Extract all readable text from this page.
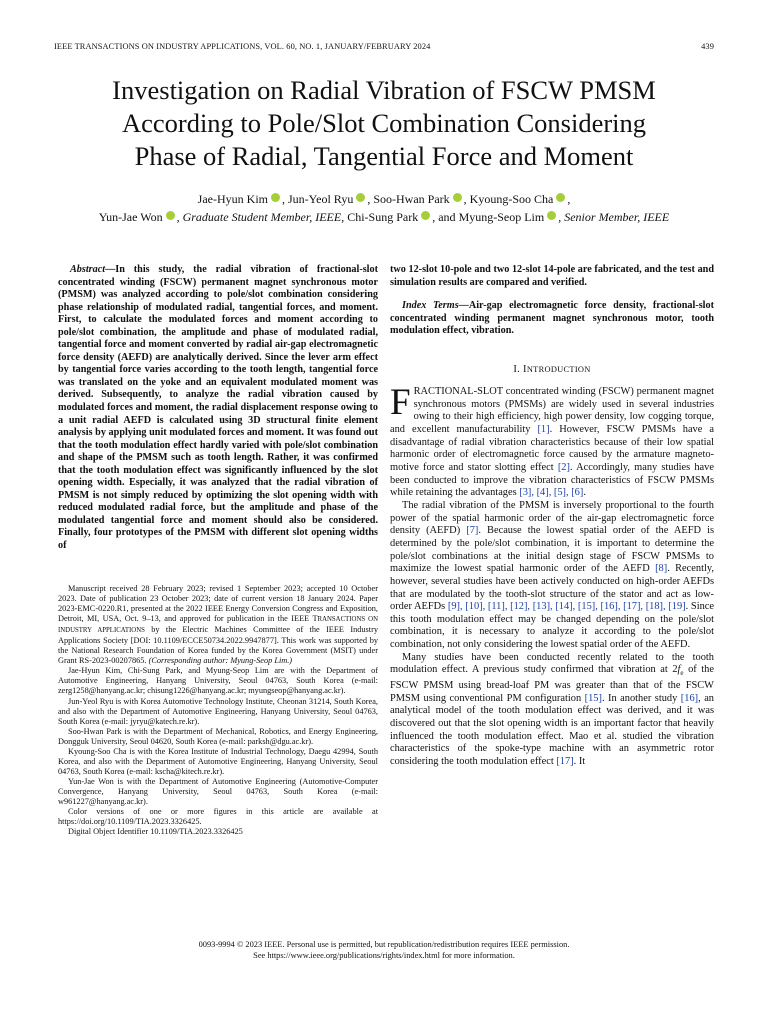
IEEE TRANSACTIONS ON INDUSTRY APPLICATIONS, VOL. 60, NO. 1, JANUARY/FEBRUARY 2024	439
Investigation on Radial Vibration of FSCW PMSM
According to Pole/Slot Combination Considering
Phase of Radial, Tangential Force and Moment
Jae-Hyun Kim , Jun-Yeol Ryu , Soo-Hwan Park , Kyoung-Soo Cha ,
Yun-Jae Won , Graduate Student Member, IEEE, Chi-Sung Park , and Myung-Seop Lim , Senior Member, IEEE
Abstract—In this study, the radial vibration of fractional-slot concentrated winding (FSCW) permanent magnet synchronous motor (PMSM) was analyzed according to pole/slot combination considering phase relationship of modulated radial, tangential forces, and moment. First, to calculate the modulated forces and moment according to pole/slot combination, the amplitude and phase of modulated radial, tangential force and moment converted by radial air-gap electromagnetic force density (AEFD) are analytically derived. Since the lever arm effect by tangential force varies according to the tooth length, tangential force was translated on the yoke and an equivalent modulated moment was derived. Subsequently, to analyze the radial vibration caused by modulated forces and moment, the radial displacement response owing to a unit radial AEFD is calculated using 3D structural finite element analysis by applying unit modulated forces and moment. It was found out that the tooth modulation effect hardly varied with pole/slot combination and shape of the PMSM such as tooth length. Rather, it was confirmed that the tooth modulation effect was significantly influenced by the slot opening width. Especially, it was analyzed that the radial vibration of PMSM is not simply reduced by optimizing the slot opening width with reduced modulated radial force, but the amplitude and phase of the modulated tangential force and moment should also be considered. Finally, four prototypes of the PMSM with different slot opening widths of

Manuscript received 28 February 2023; revised 1 September 2023; accepted 10 October 2023. Date of publication 23 October 2023; date of current version 18 January 2024. Paper 2023-EMC-0220.R1, presented at the 2022 IEEE Energy Conversion Congress and Exposition, Detroit, MI, USA, Oct. 9–13, and approved for publication in the IEEE TRANSACTIONS ON INDUSTRY APPLICATIONS by the Electric Machines Committee of the IEEE Industry Applications Society [DOI: 10.1109/ECCE50734.2022.9947877]. This work was supported by the National Research Foundation of Korea funded by the Korea Government (MSIT) under Grant RS-2023-00207865. (Corresponding author: Myung-Seop Lim.)

Jae-Hyun Kim, Chi-Sung Park, and Myung-Seop Lim are with the Department of Automotive Engineering, Hanyang University, Seoul 04763, South Korea (e-mail: zerg1258@hanyang.ac.kr; chisung1226@hanyang.ac.kr; myungseop@hanyang.ac.kr).

Jun-Yeol Ryu is with Korea Automotive Technology Institute, Cheonan 31214, South Korea, and also with the Department of Automotive Engineering, Hanyang University, Seoul 04763, South Korea (e-mail: jyryu@katech.re.kr).

Soo-Hwan Park is with the Department of Mechanical, Robotics, and Energy Engineering, Dongguk University, Seoul 04620, South Korea (e-mail: parksh@dgu.ac.kr).

Kyoung-Soo Cha is with the Korea Institute of Industrial Technology, Daegu 42994, South Korea, and also with the Department of Automotive Engineering, Hanyang University, Seoul 04763, South Korea (e-mail: kscha@kitech.re.kr).

Yun-Jae Won is with the Department of Automotive Engineering (Automotive-Computer Convergence, Hanyang University, Seoul 04763, South Korea (e-mail: w961227@hanyang.ac.kr).

Color versions of one or more figures in this article are available at https://doi.org/10.1109/TIA.2023.3326425.

Digital Object Identifier 10.1109/TIA.2023.3326425

two 12-slot 10-pole and two 12-slot 14-pole are fabricated, and the test and simulation results are compared and verified.
Index Terms—Air-gap electromagnetic force density, fractional-slot concentrated winding permanent magnet synchronous motor, tooth modulation effect, vibration.
I. INTRODUCTION

FRACTIONAL-SLOT concentrated winding (FSCW) permanent magnet synchronous motors (PMSMs) are widely used in several industries owing to their high efficiency, high power density, low cogging torque, and excellent manufacturability [1]. However, FSCW PMSMs have a disadvantage of radial vibration characteristics because of their low spatial harmonic order of electromagnetic force caused by the armature magneto-motive force and stator slotting effect [2]. Accordingly, many studies have been conducted to improve the vibration characteristics of FSCW PMSMs while retaining the advantages [3], [4], [5], [6].

The radial vibration of the PMSM is inversely proportional to the fourth power of the spatial harmonic order of the air-gap electromagnetic force density (AEFD) [7]. Because the lowest spatial order of the AEFD is determined by the pole/slot combination, it is important to determine the pole/slot combinations at the initial design stage of FSCW PMSMs to maximize the lowest spatial harmonic order of the AEFD [8]. Recently, however, several studies have been actively conducted on high-order AEFDs that are modulated by the tooth-slot structure of the stator and act as low-order AEFDs [9], [10], [11], [12], [13], [14], [15], [16], [17], [18], [19]. Since this tooth modulation effect may be changed depending on the pole/slot combination, it is necessary to analyze it according to the pole/slot combination, not only considering the lowest spatial order of the AEFD.

Many studies have been conducted recently related to the tooth modulation effect. A previous study confirmed that vibration at $2f_e$ of the FSCW PMSM using bread-loaf PM was greater than that of the FSCW PMSM using conventional PM configuration [15]. In another study [16], an analytical model of the tooth modulation effect was derived, and it was discovered out that the slot opening width is an important factor that heavily influenced the tooth modulation effect. Mao et al. studied the vibration characteristics of the spoke-type machine with an asymmetric rotor considering the tooth modulation effect [17]. It

0093-9994 © 2023 IEEE. Personal use is permitted, but republication/redistribution requires IEEE permission.
See https://www.ieee.org/publications/rights/index.html for more information.
